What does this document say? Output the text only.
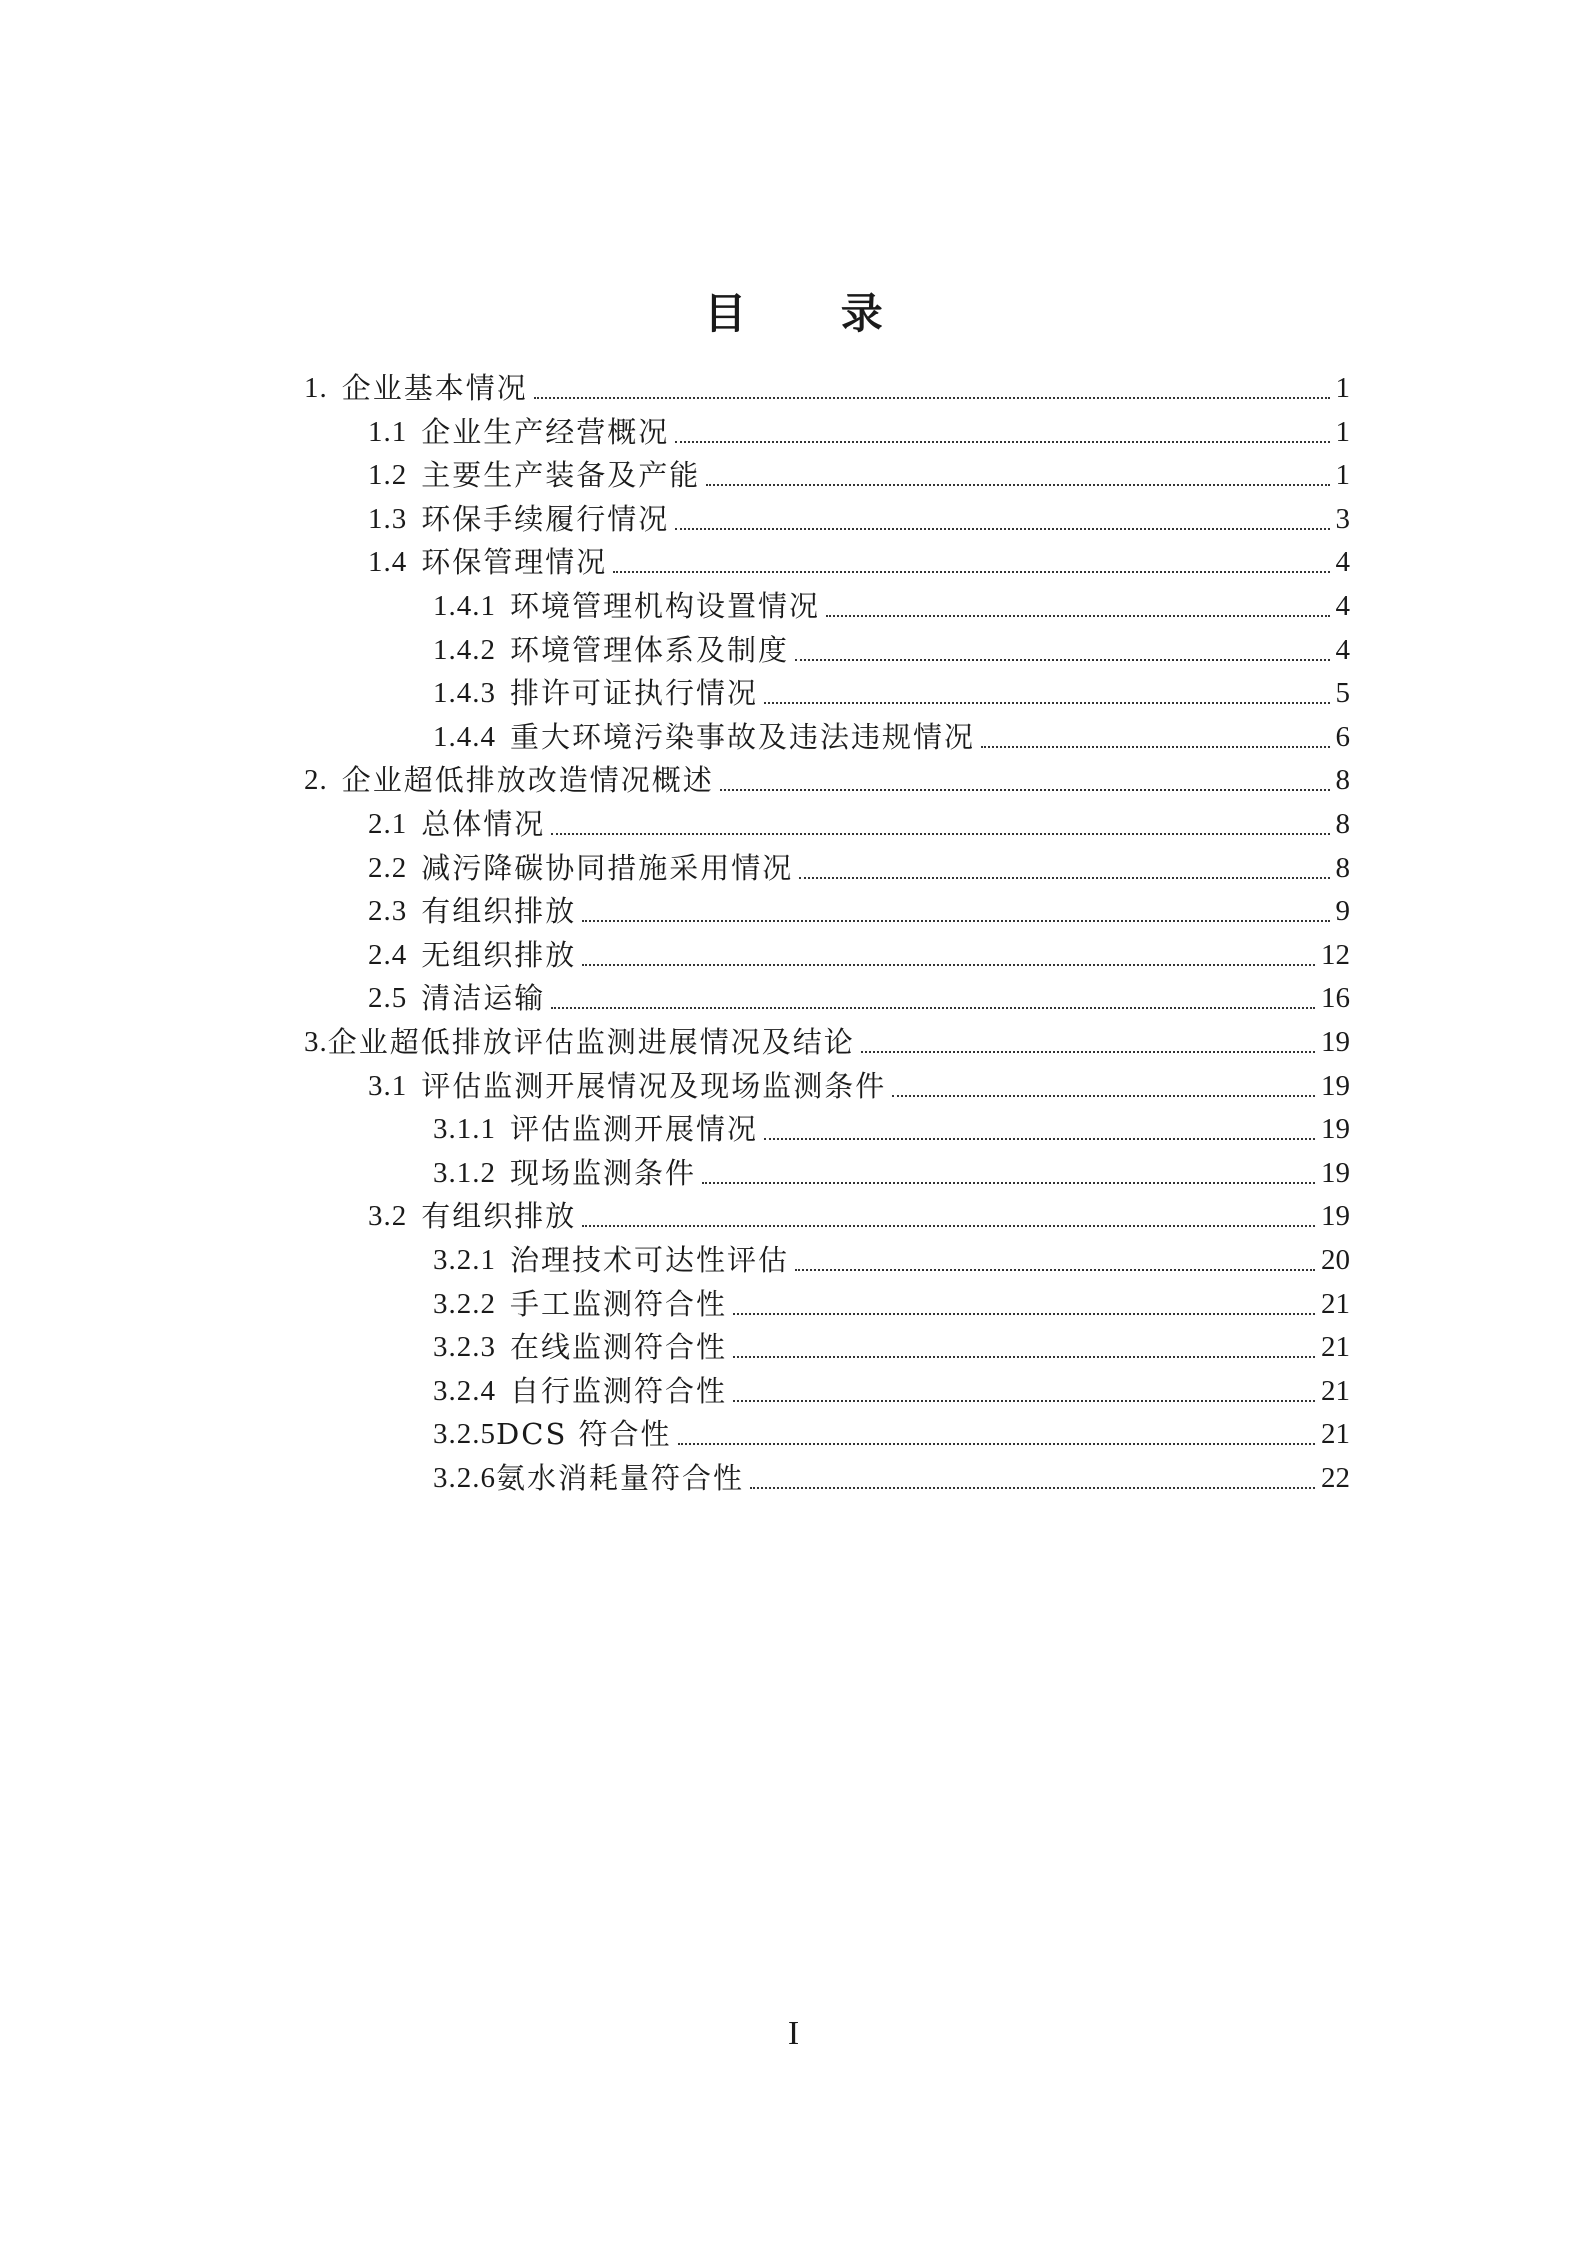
目 录
1. 企业基本情况	1
1.1 企业生产经营概况	1
1.2 主要生产装备及产能	1
1.3 环保手续履行情况	3
1.4 环保管理情况	4
1.4.1 环境管理机构设置情况	4
1.4.2 环境管理体系及制度	4
1.4.3 排许可证执行情况	5
1.4.4 重大环境污染事故及违法违规情况	6
2. 企业超低排放改造情况概述	8
2.1 总体情况	8
2.2 减污降碳协同措施采用情况	8
2.3 有组织排放	9
2.4 无组织排放	12
2.5 清洁运输	16
3. 企业超低排放评估监测进展情况及结论	19
3.1 评估监测开展情况及现场监测条件	19
3.1.1 评估监测开展情况	19
3.1.2 现场监测条件	19
3.2 有组织排放	19
3.2.1 治理技术可达性评估	20
3.2.2 手工监测符合性	21
3.2.3 在线监测符合性	21
3.2.4 自行监测符合性	21
3.2.5 DCS 符合性	21
3.2.6 氨水消耗量符合性	22
I
